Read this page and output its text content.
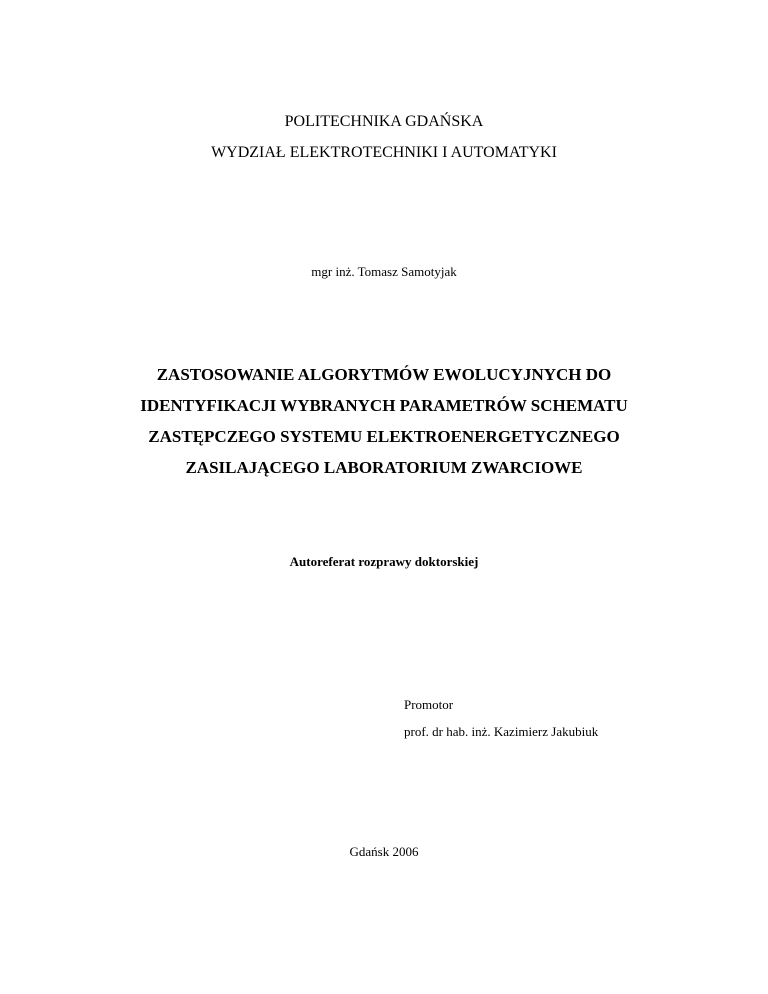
POLITECHNIKA GDAŃSKA
WYDZIAŁ ELEKTROTECHNIKI I AUTOMATYKI
mgr inż. Tomasz Samotyjak
ZASTOSOWANIE ALGORYTMÓW EWOLUCYJNYCH DO
IDENTYFIKACJI WYBRANYCH PARAMETRÓW SCHEMATU
ZASTĘPCZEGO SYSTEMU ELEKTROENERGETYCZNEGO
ZASILAJĄCEGO LABORATORIUM ZWARCIOWE
Autoreferat rozprawy doktorskiej
Promotor
prof. dr hab. inż. Kazimierz Jakubiuk
Gdańsk 2006
